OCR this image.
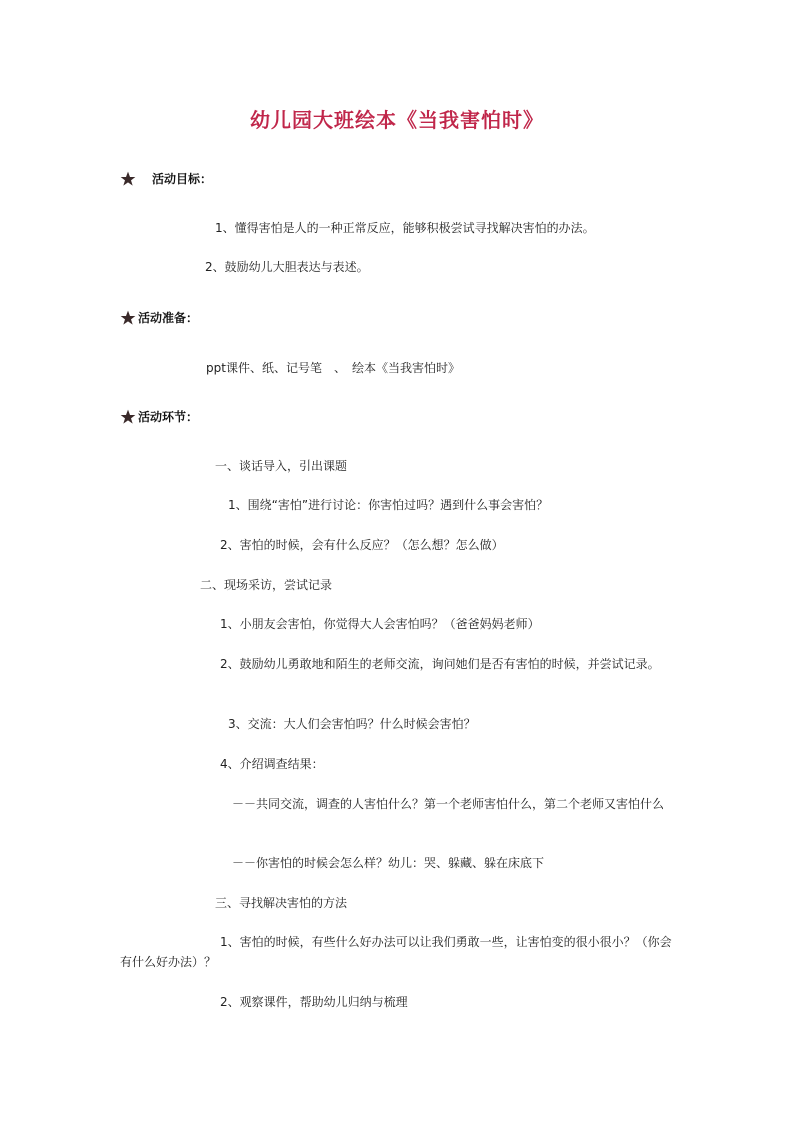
幼儿园大班绘本《当我害怕时》
活动目标：
1、懂得害怕是人的一种正常反应，能够积极尝试寻找解决害怕的办法。
2、鼓励幼儿大胆表达与表述。
活动准备：
ppt课件、纸、记号笔　、　绘本《当我害怕时》
活动环节：
一、谈话导入，引出课题
1、围绕“害怕”进行讨论：你害怕过吗？遇到什么事会害怕？
2、害怕的时候，会有什么反应？（怎么想？怎么做）
二、现场采访，尝试记录
1、小朋友会害怕，你觉得大人会害怕吗？（爸爸妈妈老师）
2、鼓励幼儿勇敢地和陌生的老师交流，询问她们是否有害怕的时候，并尝试记录。
3、交流：大人们会害怕吗？什么时候会害怕？
4、介绍调查结果：
－－共同交流，调查的人害怕什么？第一个老师害怕什么，第二个老师又害怕什么
－－你害怕的时候会怎么样？幼儿：哭、躲藏、躲在床底下
三、寻找解决害怕的方法
1、害怕的时候，有些什么好办法可以让我们勇敢一些，让害怕变的很小很小？（你会有什么好办法）？
2、观察课件，帮助幼儿归纳与梳理
